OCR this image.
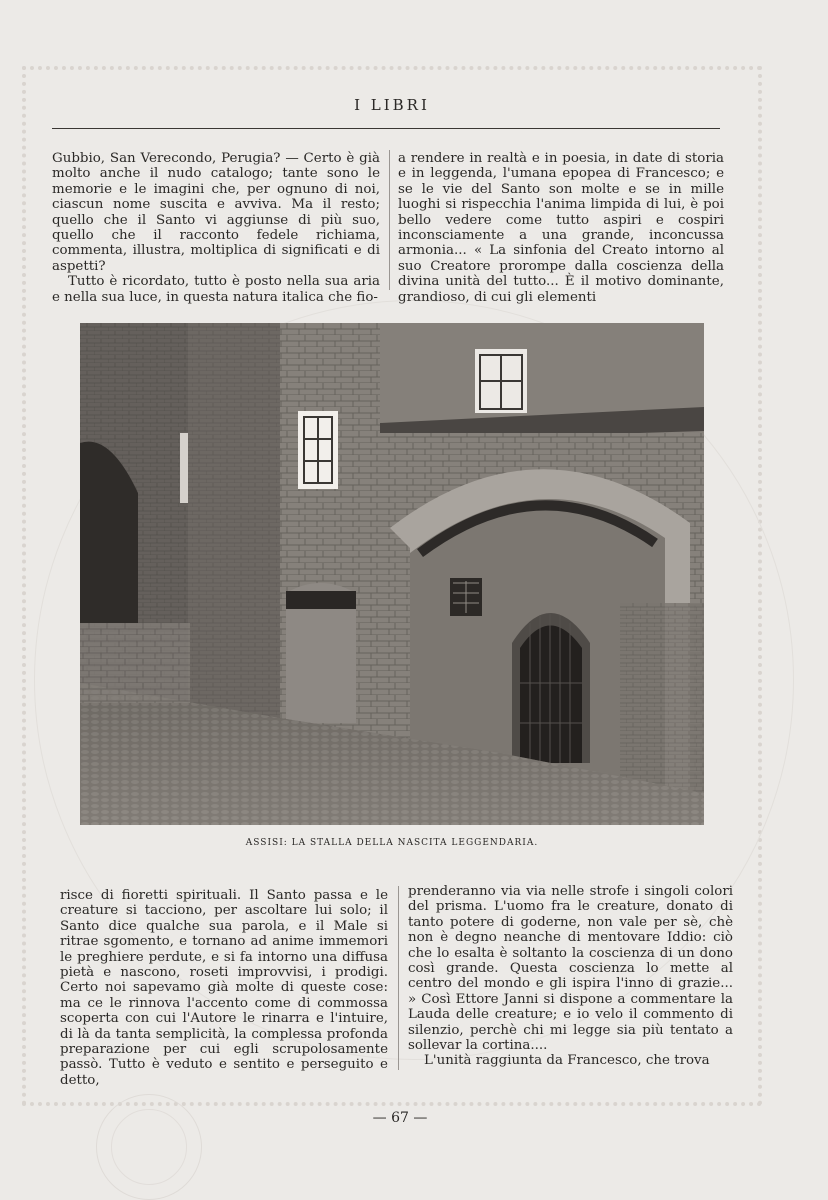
I LIBRI

Gubbio, San Verecondo, Perugia? — Certo è già molto anche il nudo catalogo; tante sono le memorie e le imagini che, per ognuno di noi, ciascun nome suscita e avviva. Ma il resto; quello che il Santo vi aggiunse di più suo, quello che il racconto fedele richiama, commenta, illustra, moltiplica di significati e di aspetti?

Tutto è ricordato, tutto è posto nella sua aria e nella sua luce, in questa natura italica che fio-

a rendere in realtà e in poesia, in date di storia e in leggenda, l'umana epopea di Francesco; e se le vie del Santo son molte e se in mille luoghi si rispecchia l'anima limpida di lui, è poi bello vedere come tutto aspiri e cospiri inconsciamente a una grande, inconcussa armonia... « La sinfonia del Creato intorno al suo Creatore prorompe dalla coscienza della divina unità del tutto... È il motivo dominante, grandioso, di cui gli elementi

ASSISI: LA STALLA DELLA NASCITA LEGGENDARIA.

risce di fioretti spirituali. Il Santo passa e le creature si tacciono, per ascoltare lui solo; il Santo dice qualche sua parola, e il Male si ritrae sgomento, e tornano ad anime immemori le preghiere perdute, e si fa intorno una diffusa pietà e nascono, roseti improvvisi, i prodigi. Certo noi sapevamo già molte di queste cose: ma ce le rinnova l'accento come di commossa scoperta con cui l'Autore le rinarra e l'intuire, di là da tanta semplicità, la complessa profonda preparazione per cui egli scrupolosamente passò. Tutto è veduto e sentito e perseguito e detto,

prenderanno via via nelle strofe i singoli colori del prisma. L'uomo fra le creature, donato di tanto potere di goderne, non vale per sè, chè non è degno neanche di mentovare Iddio: ciò che lo esalta è soltanto la coscienza di un dono così grande. Questa coscienza lo mette al centro del mondo e gli ispira l'inno di grazie... » Così Ettore Janni si dispone a commentare la Lauda delle creature; e io velo il commento di silenzio, perchè chi mi legge sia più tentato a sollevar la cortina....

L'unità raggiunta da Francesco, che trova

— 67 —
